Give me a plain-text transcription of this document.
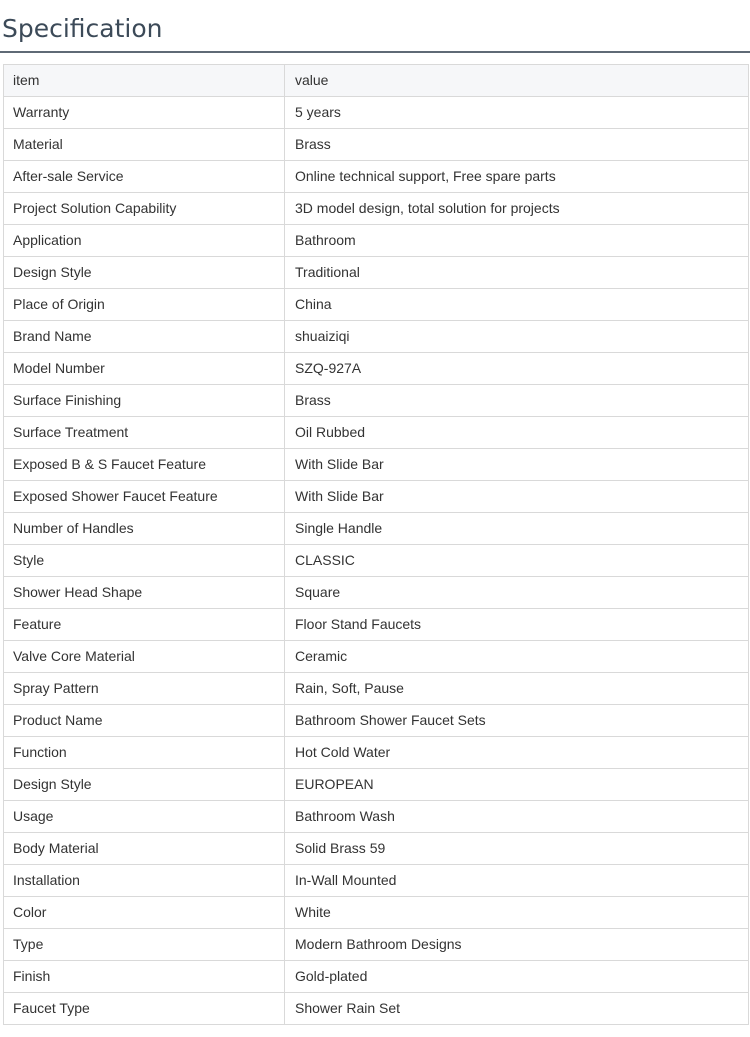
Specification
item	value
Warranty	5 years
Material	Brass
After-sale Service	Online technical support, Free spare parts
Project Solution Capability	3D model design, total solution for projects
Application	Bathroom
Design Style	Traditional
Place of Origin	China
Brand Name	shuaiziqi
Model Number	SZQ-927A
Surface Finishing	Brass
Surface Treatment	Oil Rubbed
Exposed B & S Faucet Feature	With Slide Bar
Exposed Shower Faucet Feature	With Slide Bar
Number of Handles	Single Handle
Style	CLASSIC
Shower Head Shape	Square
Feature	Floor Stand Faucets
Valve Core Material	Ceramic
Spray Pattern	Rain, Soft, Pause
Product Name	Bathroom Shower Faucet Sets
Function	Hot Cold Water
Design Style	EUROPEAN
Usage	Bathroom Wash
Body Material	Solid Brass 59
Installation	In-Wall Mounted
Color	White
Type	Modern Bathroom Designs
Finish	Gold-plated
Faucet Type	Shower Rain Set
